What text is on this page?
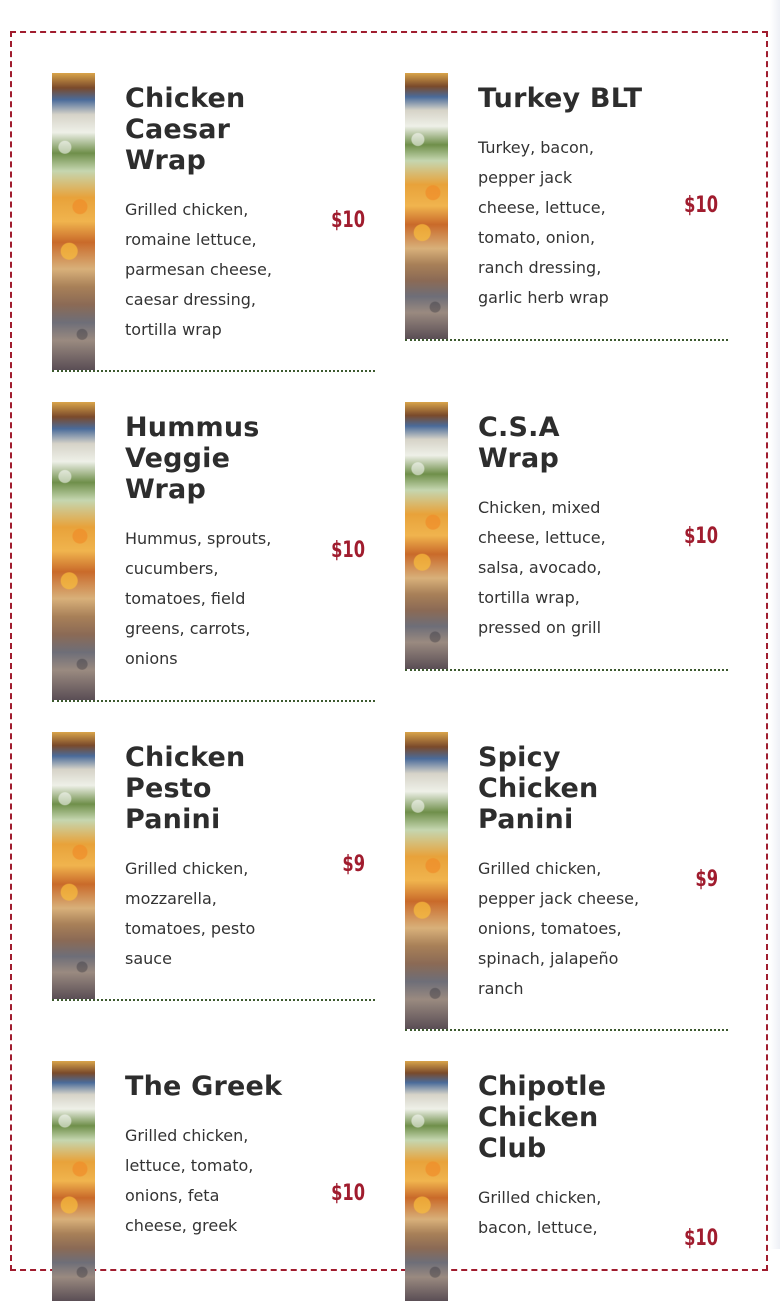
Chicken Caesar Wrap

Grilled chicken, romaine lettuce, parmesan cheese, caesar dressing, tortilla wrap

$10
Turkey BLT

Turkey, bacon, pepper jack cheese, lettuce, tomato, onion, ranch dressing, garlic herb wrap

$10
Hummus Veggie Wrap

Hummus, sprouts, cucumbers, tomatoes, field greens, carrots, onions

$10
C.S.A Wrap

Chicken, mixed cheese, lettuce, salsa, avocado, tortilla wrap, pressed on grill

$10
Chicken Pesto Panini

Grilled chicken, mozzarella, tomatoes, pesto sauce

$9
Spicy Chicken Panini

Grilled chicken, pepper jack cheese, onions, tomatoes, spinach, jalapeño ranch

$9
The Greek

Grilled chicken, lettuce, tomato, onions, feta cheese, greek

$10
Chipotle Chicken Club

Grilled chicken, bacon, lettuce,	$10
